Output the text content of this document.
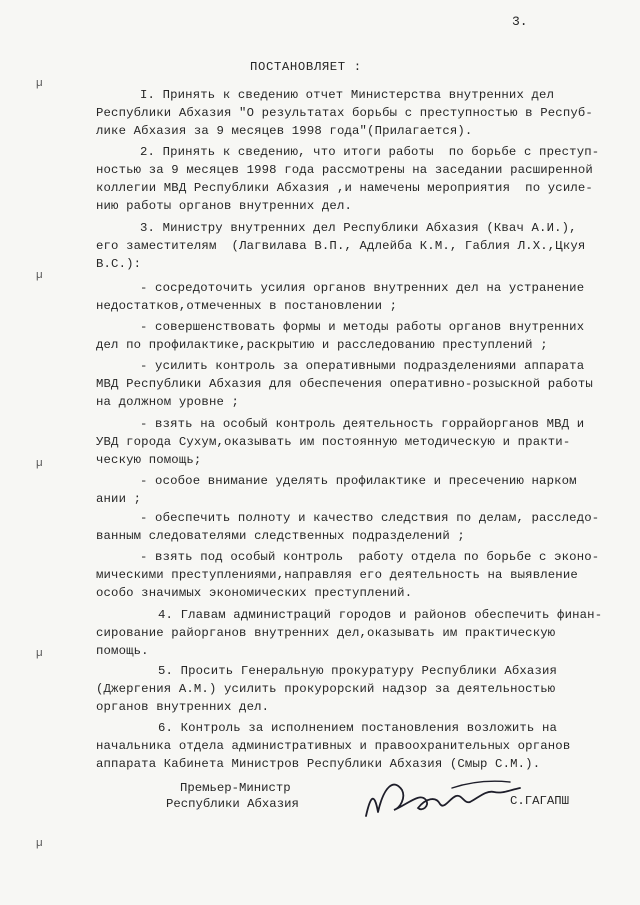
3.
ПОСТАНОВЛЯЕТ :
I. Принять к сведению отчет Министерства внутренних дел
Республики Абхазия "О результатах борьбы с преступностью в Респуб-
лике Абхазия за 9 месяцев 1998 года"(Прилагается).
2. Принять к сведению, что итоги работы  по борьбе с преступ-
ностью за 9 месяцев 1998 года рассмотрены на заседании расширенной
коллегии МВД Республики Абхазия ,и намечены мероприятия  по усиле-
нию работы органов внутренних дел.
3. Министру внутренних дел Республики Абхазия (Квач А.И.),
его заместителям  (Лагвилава В.П., Адлейба К.М., Габлия Л.Х.,Цкуя
В.С.):
- сосредоточить усилия органов внутренних дел на устранение
недостатков,отмеченных в постановлении ;
- совершенствовать формы и методы работы органов внутренних
дел по профилактике,раскрытию и расследованию преступлений ;
- усилить контроль за оперативными подразделениями аппарата
МВД Республики Абхазия для обеспечения оперативно-розыскной работы
на должном уровне ;
- взять на особый контроль деятельность горрайорганов МВД и
УВД города Сухум,оказывать им постоянную методическую и практи-
ческую помощь;
- особое внимание уделять профилактике и пресечению нарком
ании ;
- обеспечить полноту и качество следствия по делам, расследо-
ванным следователями следственных подразделений ;
- взять под особый контроль  работу отдела по борьбе с эконо-
мическими преступлениями,направляя его деятельность на выявление
особо значимых экономических преступлений.
4. Главам администраций городов и районов обеспечить финан-
сирование райорганов внутренних дел,оказывать им практическую
помощь.
5. Просить Генеральную прокуратуру Республики Абхазия
(Джергения А.М.) усилить прокурорский надзор за деятельностью
органов внутренних дел.
6. Контроль за исполнением постановления возложить на
начальника отдела административных и правоохранительных органов
аппарата Кабинета Министров Республики Абхазия (Смыр С.М.).
Премьер-Министр
Республики Абхазия	С.ГАГАПШ
µ
µ
µ
µ
µ
